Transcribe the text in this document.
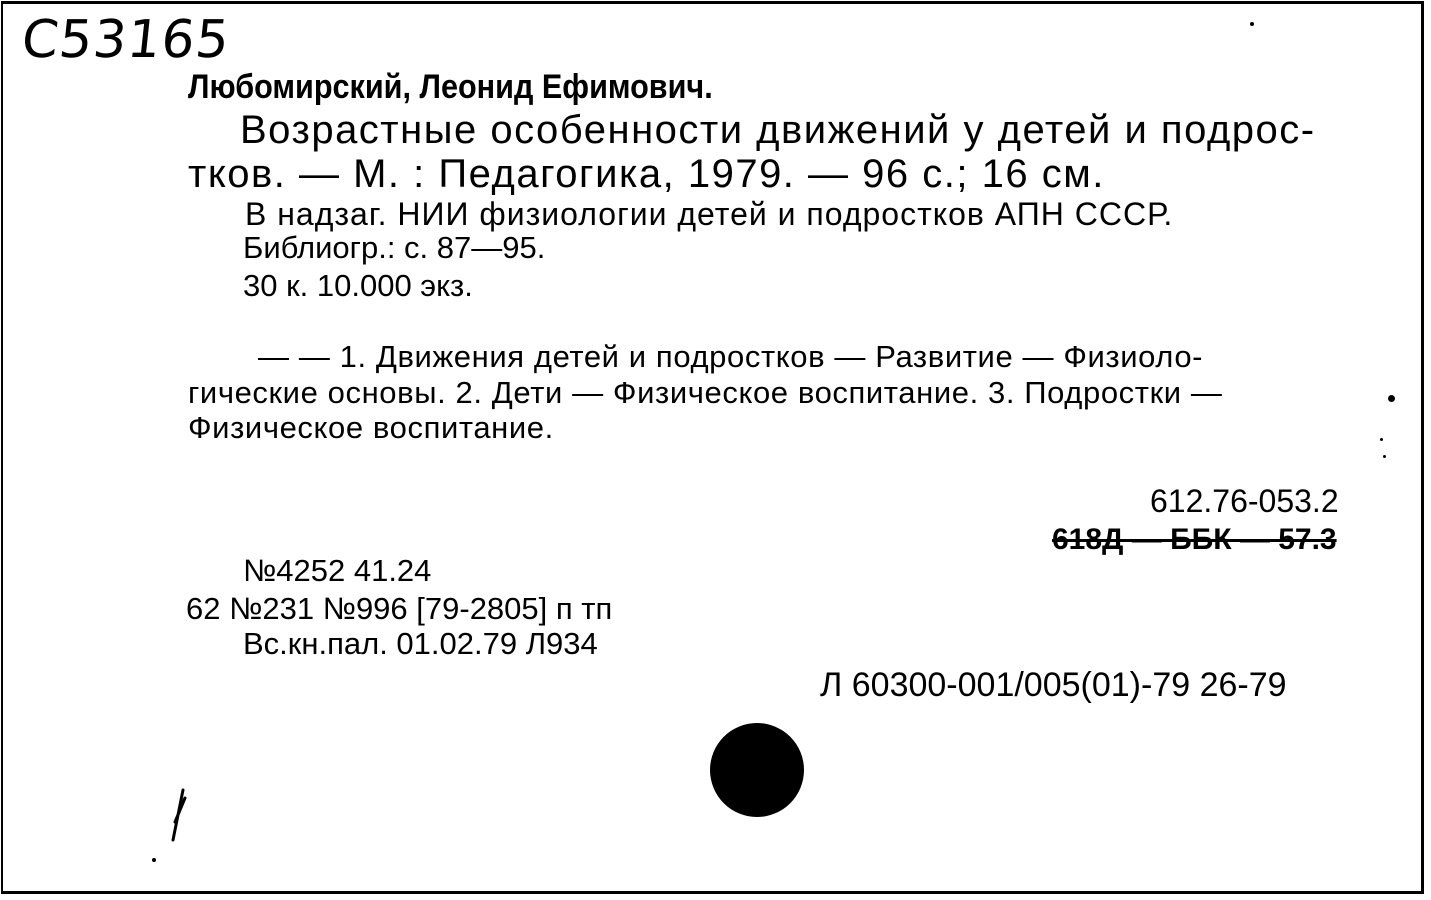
C53165
Любомирский, Леонид Ефимович.
Возрастные особенности движений у детей и подрос-
тков. — М. : Педагогика, 1979. — 96 с.; 16 см.
В надзаг. НИИ физиологии детей и подростков АПН СССР.
Библиогр.: с. 87—95.
30 к. 10.000 экз.
— — 1. Движения детей и подростков — Развитие — Физиоло-
гические основы. 2. Дети — Физическое воспитание. 3. Подростки —
Физическое воспитание.
612.76-053.2
618Д — ББК — 57.3
№4252 41.24
62 №231 №996 [79-2805] п тп
Вс.кн.пал. 01.02.79 Л934
Л 60300-001/005(01)-79 26-79
